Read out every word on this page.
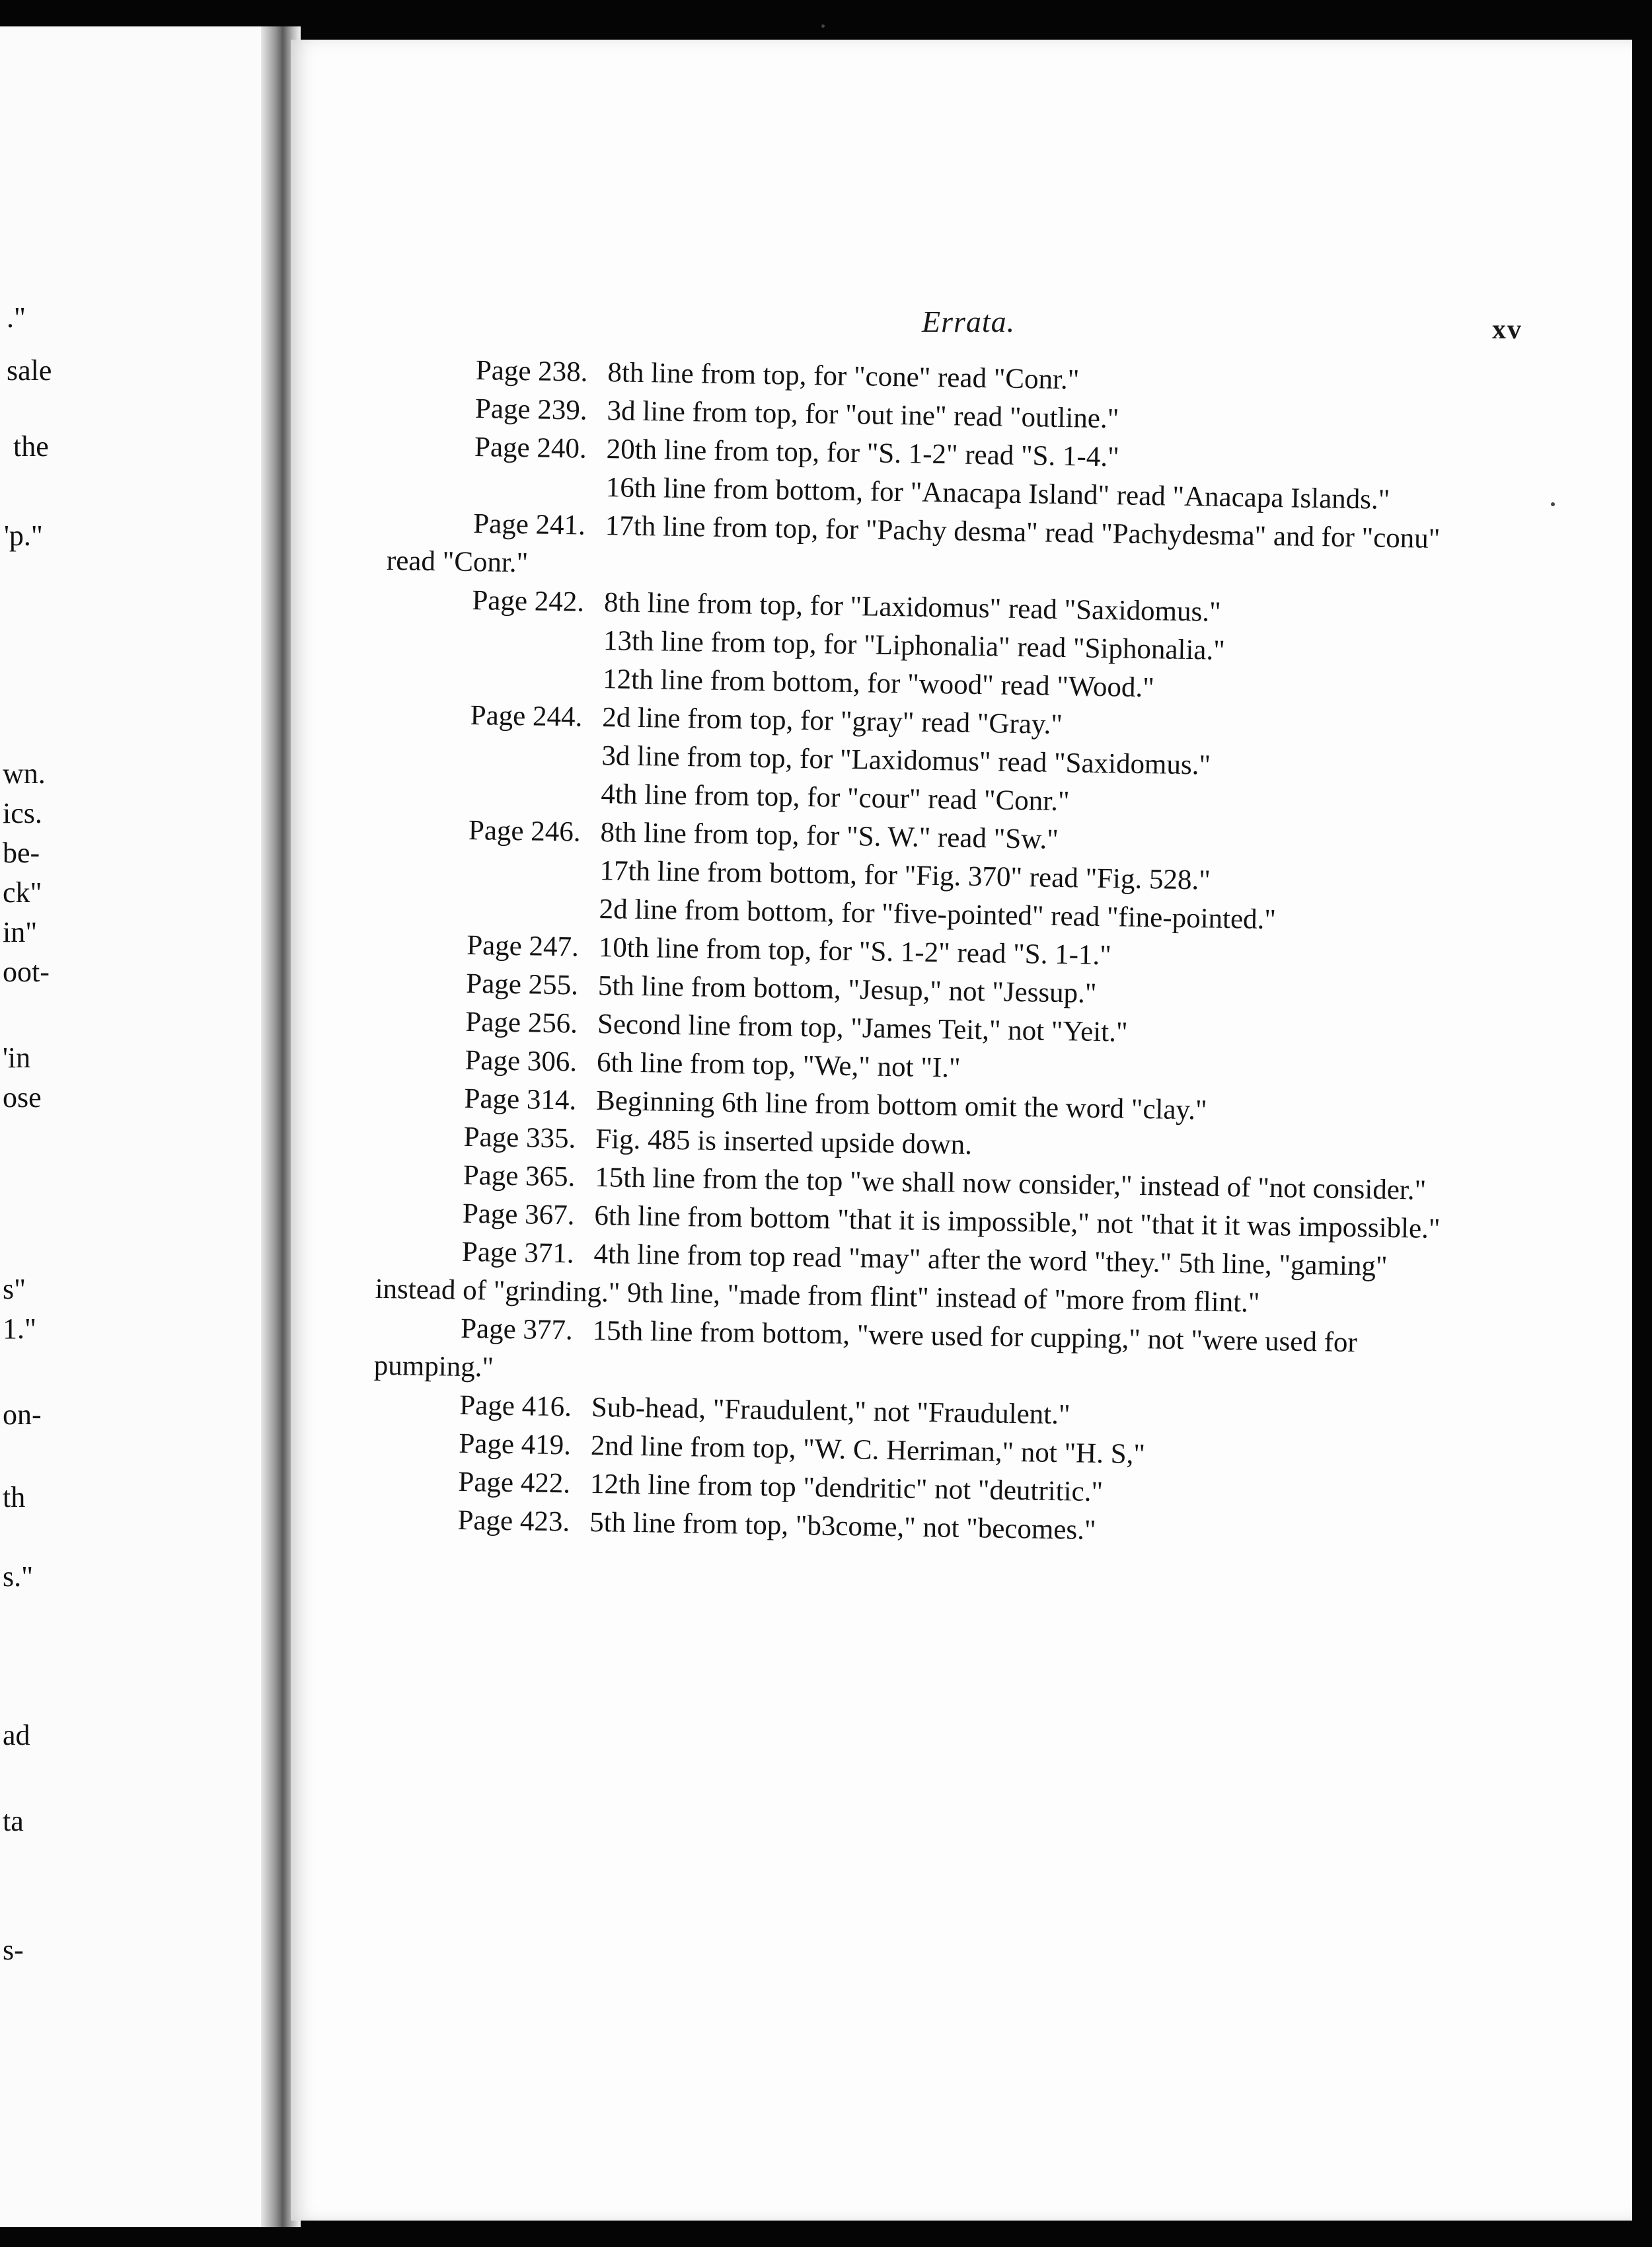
."
sale
the
'p."
wn.
ics.
be-
ck"
in"
oot-
'in
ose
s"
1."
on-
th
s."
ad
ta
s-
Errata.	xv
Page 238. 8th line from top, for "cone" read "Conr."
Page 239. 3d line from top, for "out ine" read "outline."
Page 240. 20th line from top, for "S. 1-2" read "S. 1-4."
16th line from bottom, for "Anacapa Island" read "Anacapa Islands."
Page 241. 17th line from top, for "Pachy desma" read "Pachydesma" and for "conu" read "Conr."
Page 242. 8th line from top, for "Laxidomus" read "Saxidomus."
13th line from top, for "Liphonalia" read "Siphonalia."
12th line from bottom, for "wood" read "Wood."
Page 244. 2d line from top, for "gray" read "Gray."
3d line from top, for "Laxidomus" read "Saxidomus."
4th line from top, for "cour" read "Conr."
Page 246. 8th line from top, for "S. W." read "Sw."
17th line from bottom, for "Fig. 370" read "Fig. 528."
2d line from bottom, for "five-pointed" read "fine-pointed."
Page 247. 10th line from top, for "S. 1-2" read "S. 1-1."
Page 255. 5th line from bottom, "Jesup," not "Jessup."
Page 256. Second line from top, "James Teit," not "Yeit."
Page 306. 6th line from top, "We," not "I."
Page 314. Beginning 6th line from bottom omit the word "clay."
Page 335. Fig. 485 is inserted upside down.
Page 365. 15th line from the top "we shall now consider," instead of "not consider."
Page 367. 6th line from bottom "that it is impossible," not "that it it was impossible."
Page 371. 4th line from top read "may" after the word "they." 5th line, "gaming" instead of "grinding." 9th line, "made from flint" instead of "more from flint."
Page 377. 15th line from bottom, "were used for cupping," not "were used for pumping."
Page 416. Sub-head, "Fraudulent," not "Fraudulent."
Page 419. 2nd line from top, "W. C. Herriman," not "H. S,"
Page 422. 12th line from top "dendritic" not "deutritic."
Page 423. 5th line from top, "b3come," not "becomes."
